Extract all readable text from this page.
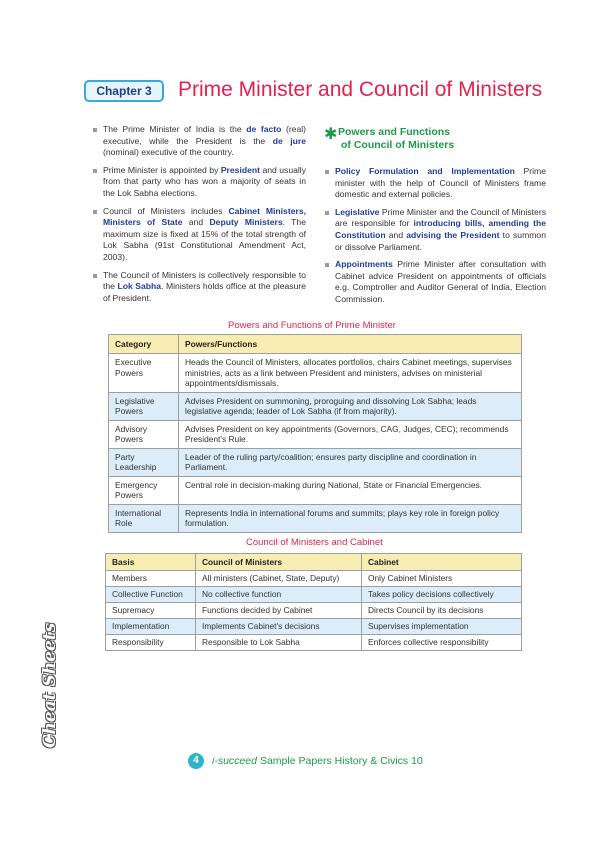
Chapter 3	Prime Minister and Council of Ministers
The Prime Minister of India is the de facto (real) executive, while the President is the de jure (nominal) executive of the country.
Prime Minister is appointed by President and usually from that party who has won a majority of seats in the Lok Sabha elections.
Council of Ministers includes Cabinet Ministers, Ministers of State and Deputy Ministers. The maximum size is fixed at 15% of the total strength of Lok Sabha (91st Constitutional Amendment Act, 2003).
The Council of Ministers is collectively responsible to the Lok Sabha. Ministers holds office at the pleasure of President.
✱ Powers and Functions
of Council of Ministers
Policy Formulation and Implementation Prime minister with the help of Council of Ministers frame domestic and external policies.
Legislative Prime Minister and the Council of Ministers are responsible for introducing bills, amending the Constitution and advising the President to summon or dissolve Parliament.
Appointments Prime Minister after consultation with Cabinet advice President on appointments of officials e.g. Comptroller and Auditor General of India, Election Commission.
Powers and Functions of Prime Minister
Category	Powers/Functions
Executive Powers	Heads the Council of Ministers, allocates portfolios, chairs Cabinet meetings, supervises ministries, acts as a link between President and ministers, advises on ministerial appointments/dismissals.
Legislative Powers	Advises President on summoning, proroguing and dissolving Lok Sabha; leads legislative agenda; leader of Lok Sabha (if from majority).
Advisory Powers	Advises President on key appointments (Governors, CAG, Judges, CEC); recommends President's Rule.
Party Leadership	Leader of the ruling party/coalition; ensures party discipline and coordination in Parliament.
Emergency Powers	Central role in decision-making during National, State or Financial Emergencies.
International Role	Represents India in international forums and summits; plays key role in foreign policy formulation.
Council of Ministers and Cabinet
Basis	Council of Ministers	Cabinet
Members	All ministers (Cabinet, State, Deputy)	Only Cabinet Ministers
Collective Function	No collective function	Takes policy decisions collectively
Supremacy	Functions decided by Cabinet	Directs Council by its decisions
Implementation	Implements Cabinet's decisions	Supervises implementation
Responsibility	Responsible to Lok Sabha	Enforces collective responsibility
Cheat Sheets
4	i-succeed Sample Papers History & Civics 10
